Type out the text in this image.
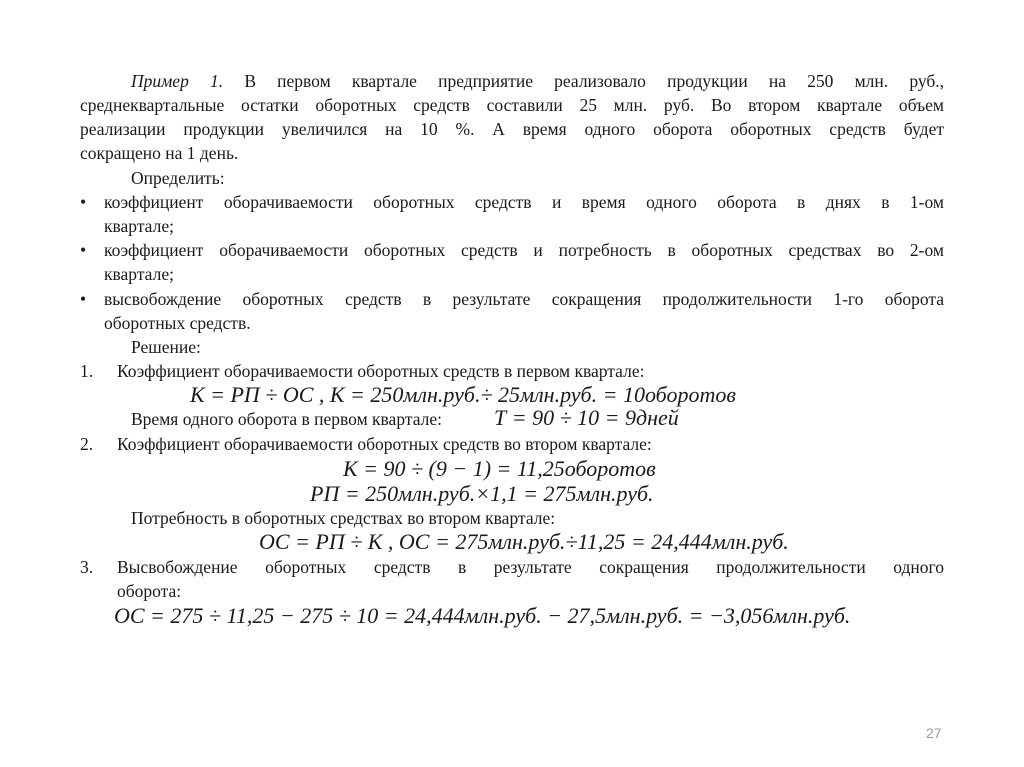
Пример 1. В первом квартале предприятие реализовало продукции на 250 млн. руб.,
среднеквартальные остатки оборотных средств составили 25 млн. руб. Во втором квартале объем
реализации продукции увеличился на 10 %. А время одного оборота оборотных средств будет
сокращено на 1 день.
Определить:
• коэффициент оборачиваемости оборотных средств и время одного оборота в днях в 1-ом
квартале;
• коэффициент оборачиваемости оборотных средств и потребность в оборотных средствах во 2-ом
квартале;
• высвобождение оборотных средств в результате сокращения продолжительности 1-го оборота
оборотных средств.
Решение:
1. Коэффициент оборачиваемости оборотных средств в первом квартале:
К = РП ÷ ОС , К = 250млн.руб.÷ 25млн.руб. = 10оборотов
Время одного оборота в первом квартале: Т = 90 ÷ 10 = 9дней
2. Коэффициент оборачиваемости оборотных средств во втором квартале:
К = 90 ÷ (9 − 1) = 11,25оборотов
РП = 250млн.руб.×1,1 = 275млн.руб.
Потребность в оборотных средствах во втором квартале:
ОС = РП ÷ К , ОС = 275млн.руб.÷11,25 = 24,444млн.руб.
3. Высвобождение оборотных средств в результате сокращения продолжительности одного
оборота:
ОС = 275 ÷ 11,25 − 275 ÷ 10 = 24,444млн.руб. − 27,5млн.руб. = −3,056млн.руб.
27
